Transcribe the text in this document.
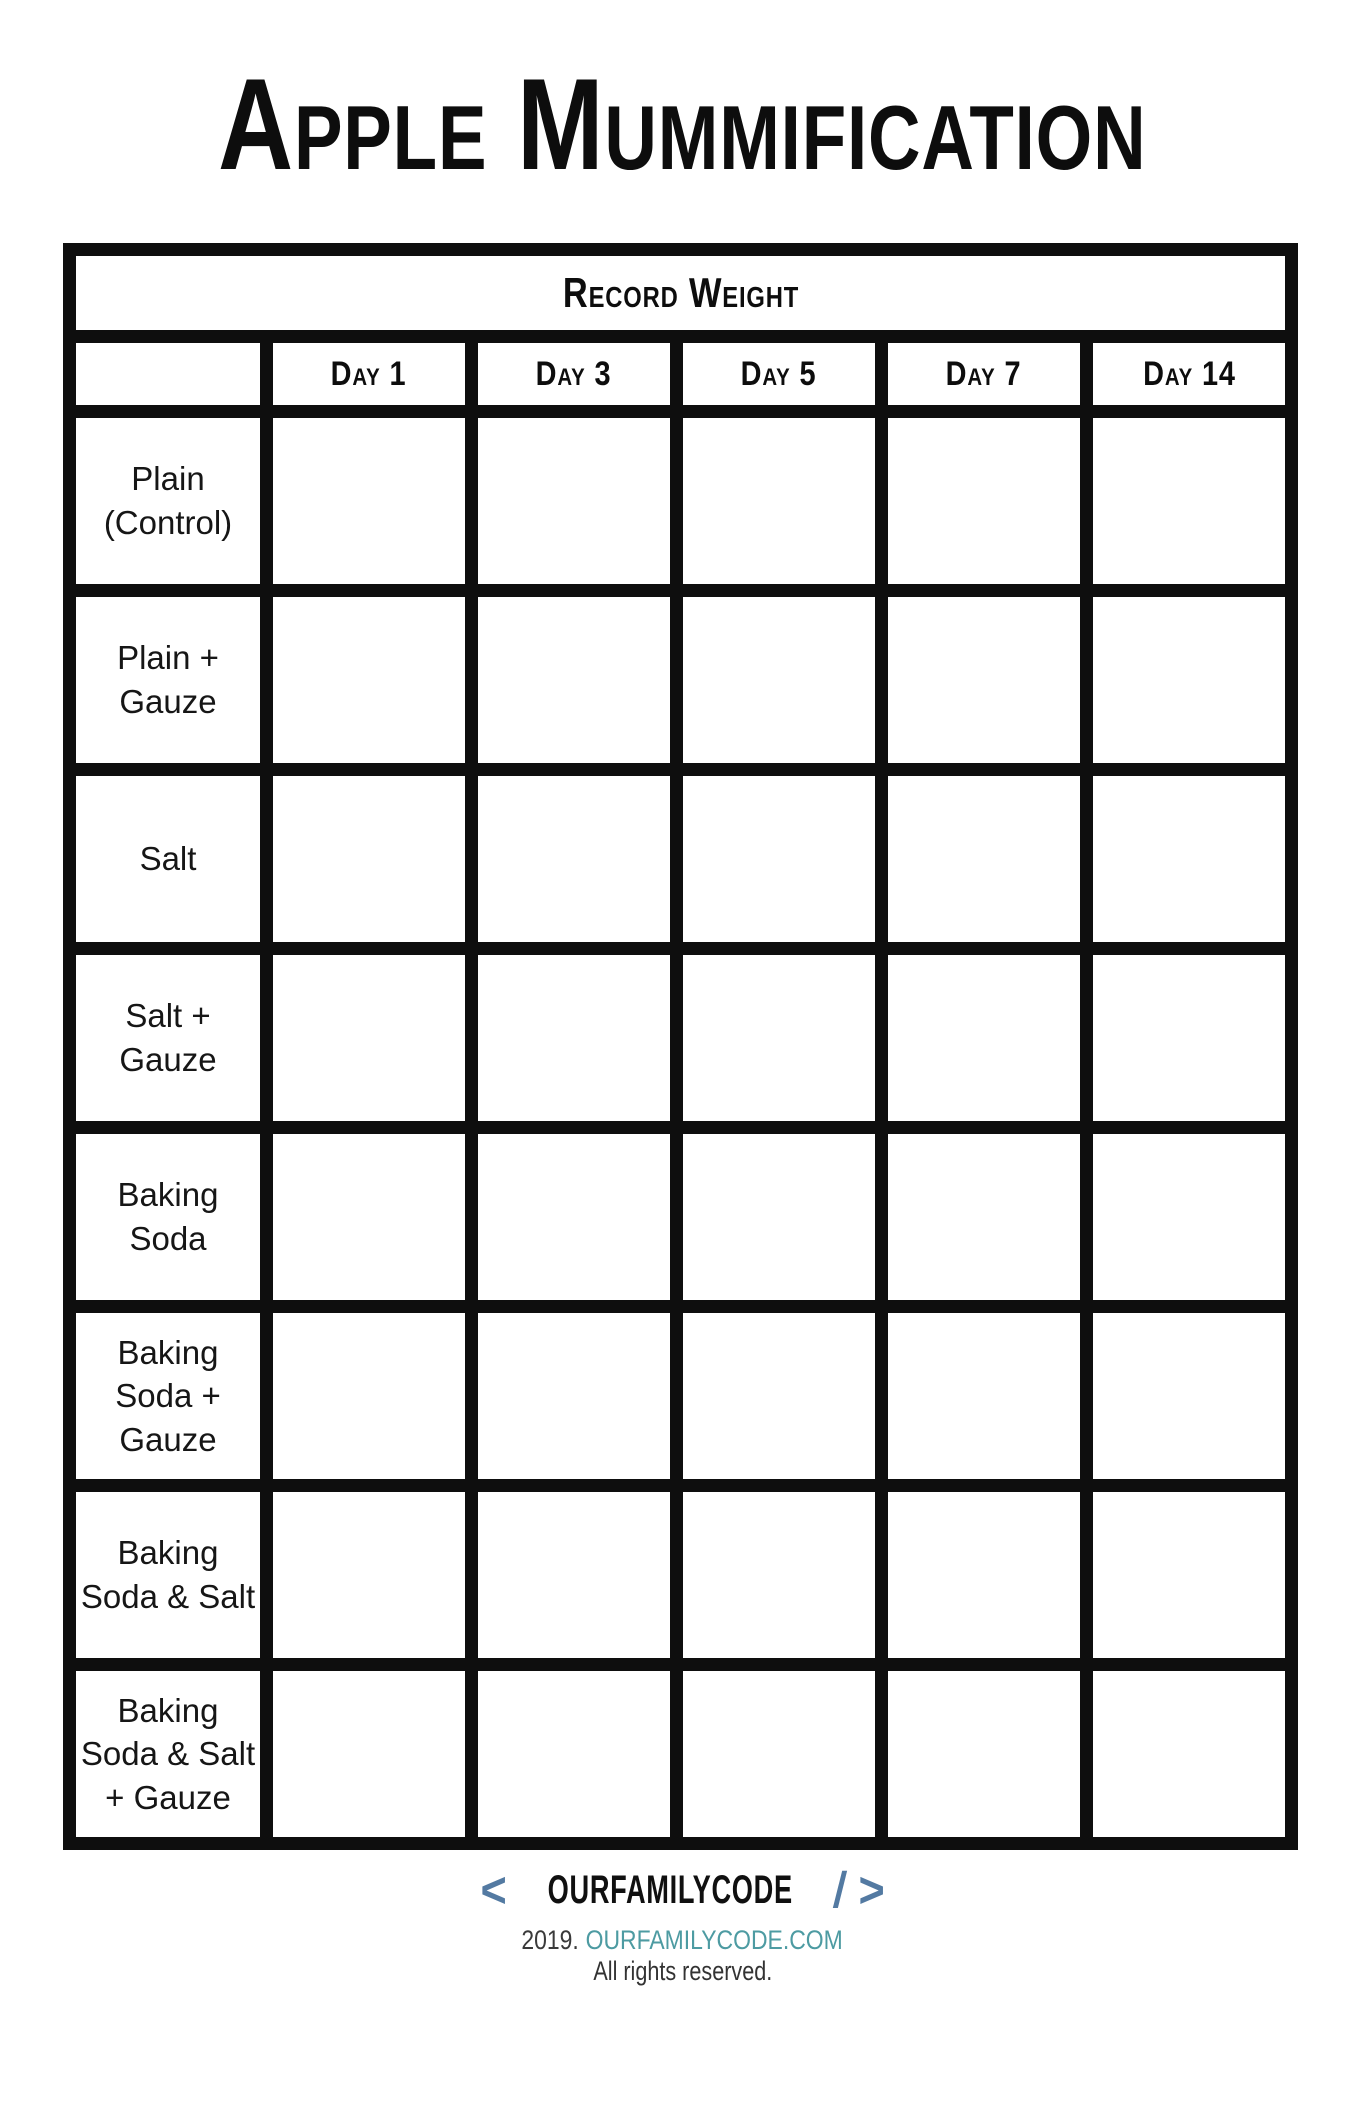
Apple Mummification
Record Weight					
	Day 1	Day 3	Day 5	Day 7	Day 14
Plain (Control)					
Plain + Gauze					
Salt					
Salt + Gauze					
Baking Soda					
Baking Soda + Gauze					
Baking Soda & Salt					
Baking Soda & Salt + Gauze					
< OURFAMILYCODE / >
2019. OURFAMILYCODE.COM
All rights reserved.
